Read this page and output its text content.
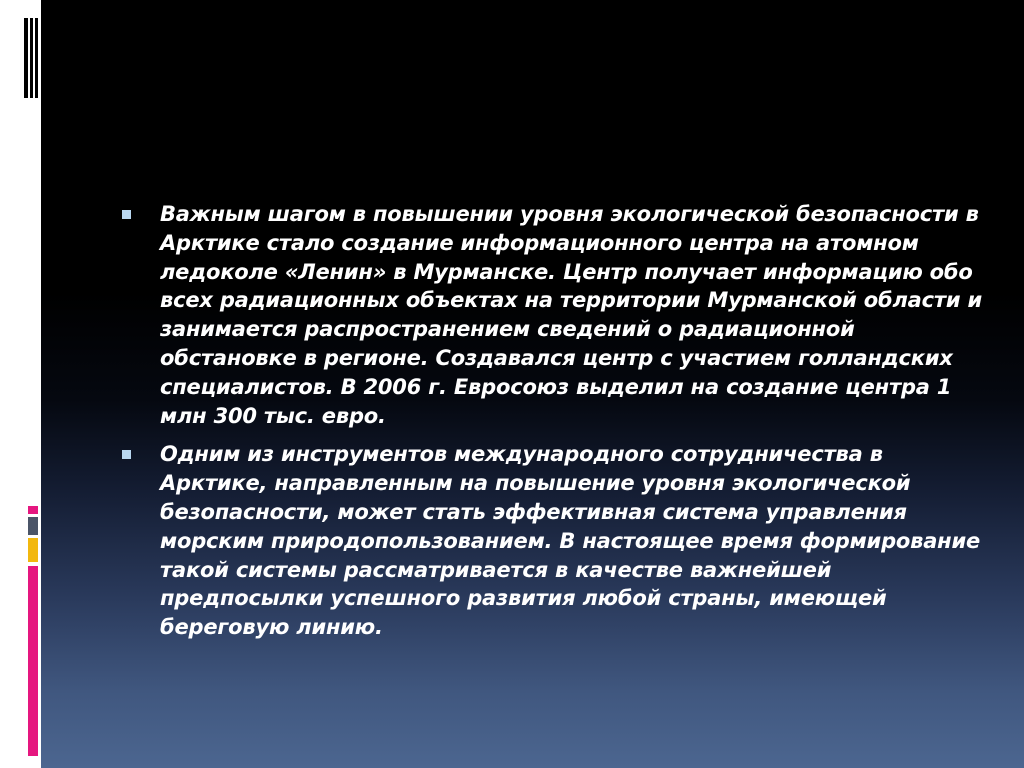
Важным шагом в повышении уровня экологической безопасности в Арктике стало создание информационного центра на атомном ледоколе «Ленин» в Мурманске. Центр получает информацию обо всех радиационных объектах на территории Мурманской области и занимается распространением сведений о радиационной обстановке в регионе. Создавался центр с участием голландских специалистов. В 2006 г. Евросоюз выделил на создание центра 1 млн 300 тыс. евро.
Одним из инструментов международного сотрудничества в Арктике, направленным на повышение уровня экологической безопасности, может стать эффективная система управления морским природопользованием. В настоящее время формирование такой системы рассматривается в качестве важнейшей предпосылки успешного развития любой страны, имеющей береговую линию.
